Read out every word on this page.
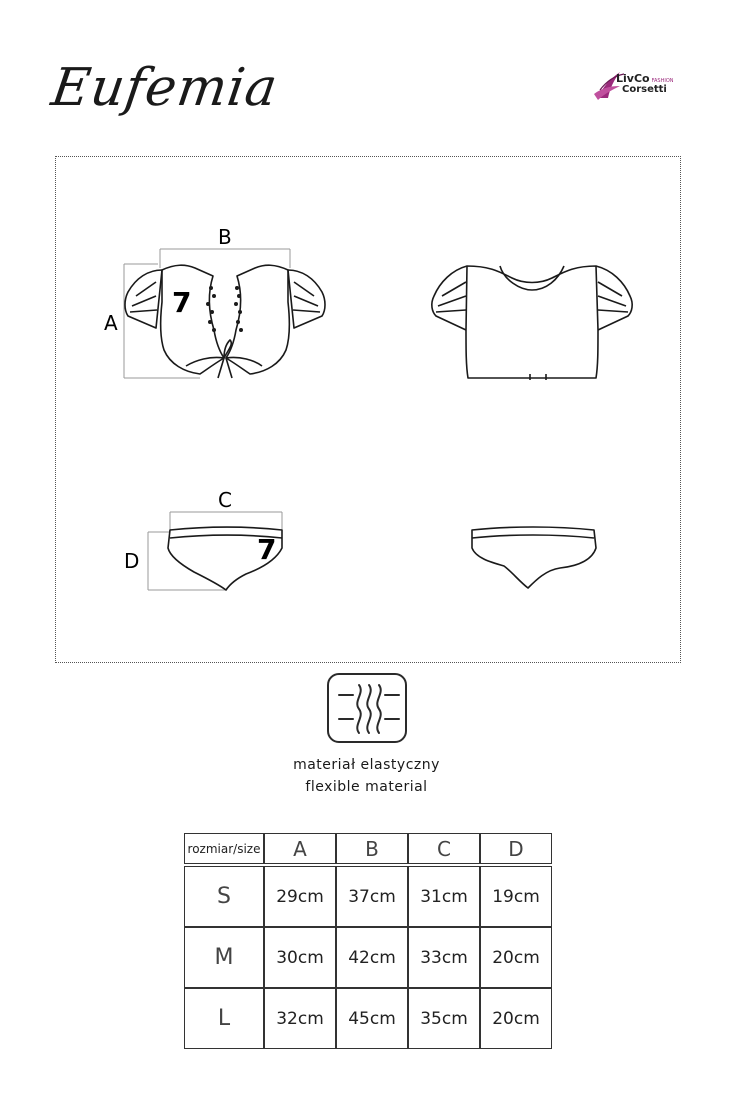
Eufemia	LivCo FASHION
Corsetti
7
7
B
A
C
D
materiał elastyczny
flexible material
rozmiar/size	A	B	C	D
S	29cm	37cm	31cm	19cm
M	30cm	42cm	33cm	20cm
L	32cm	45cm	35cm	20cm
